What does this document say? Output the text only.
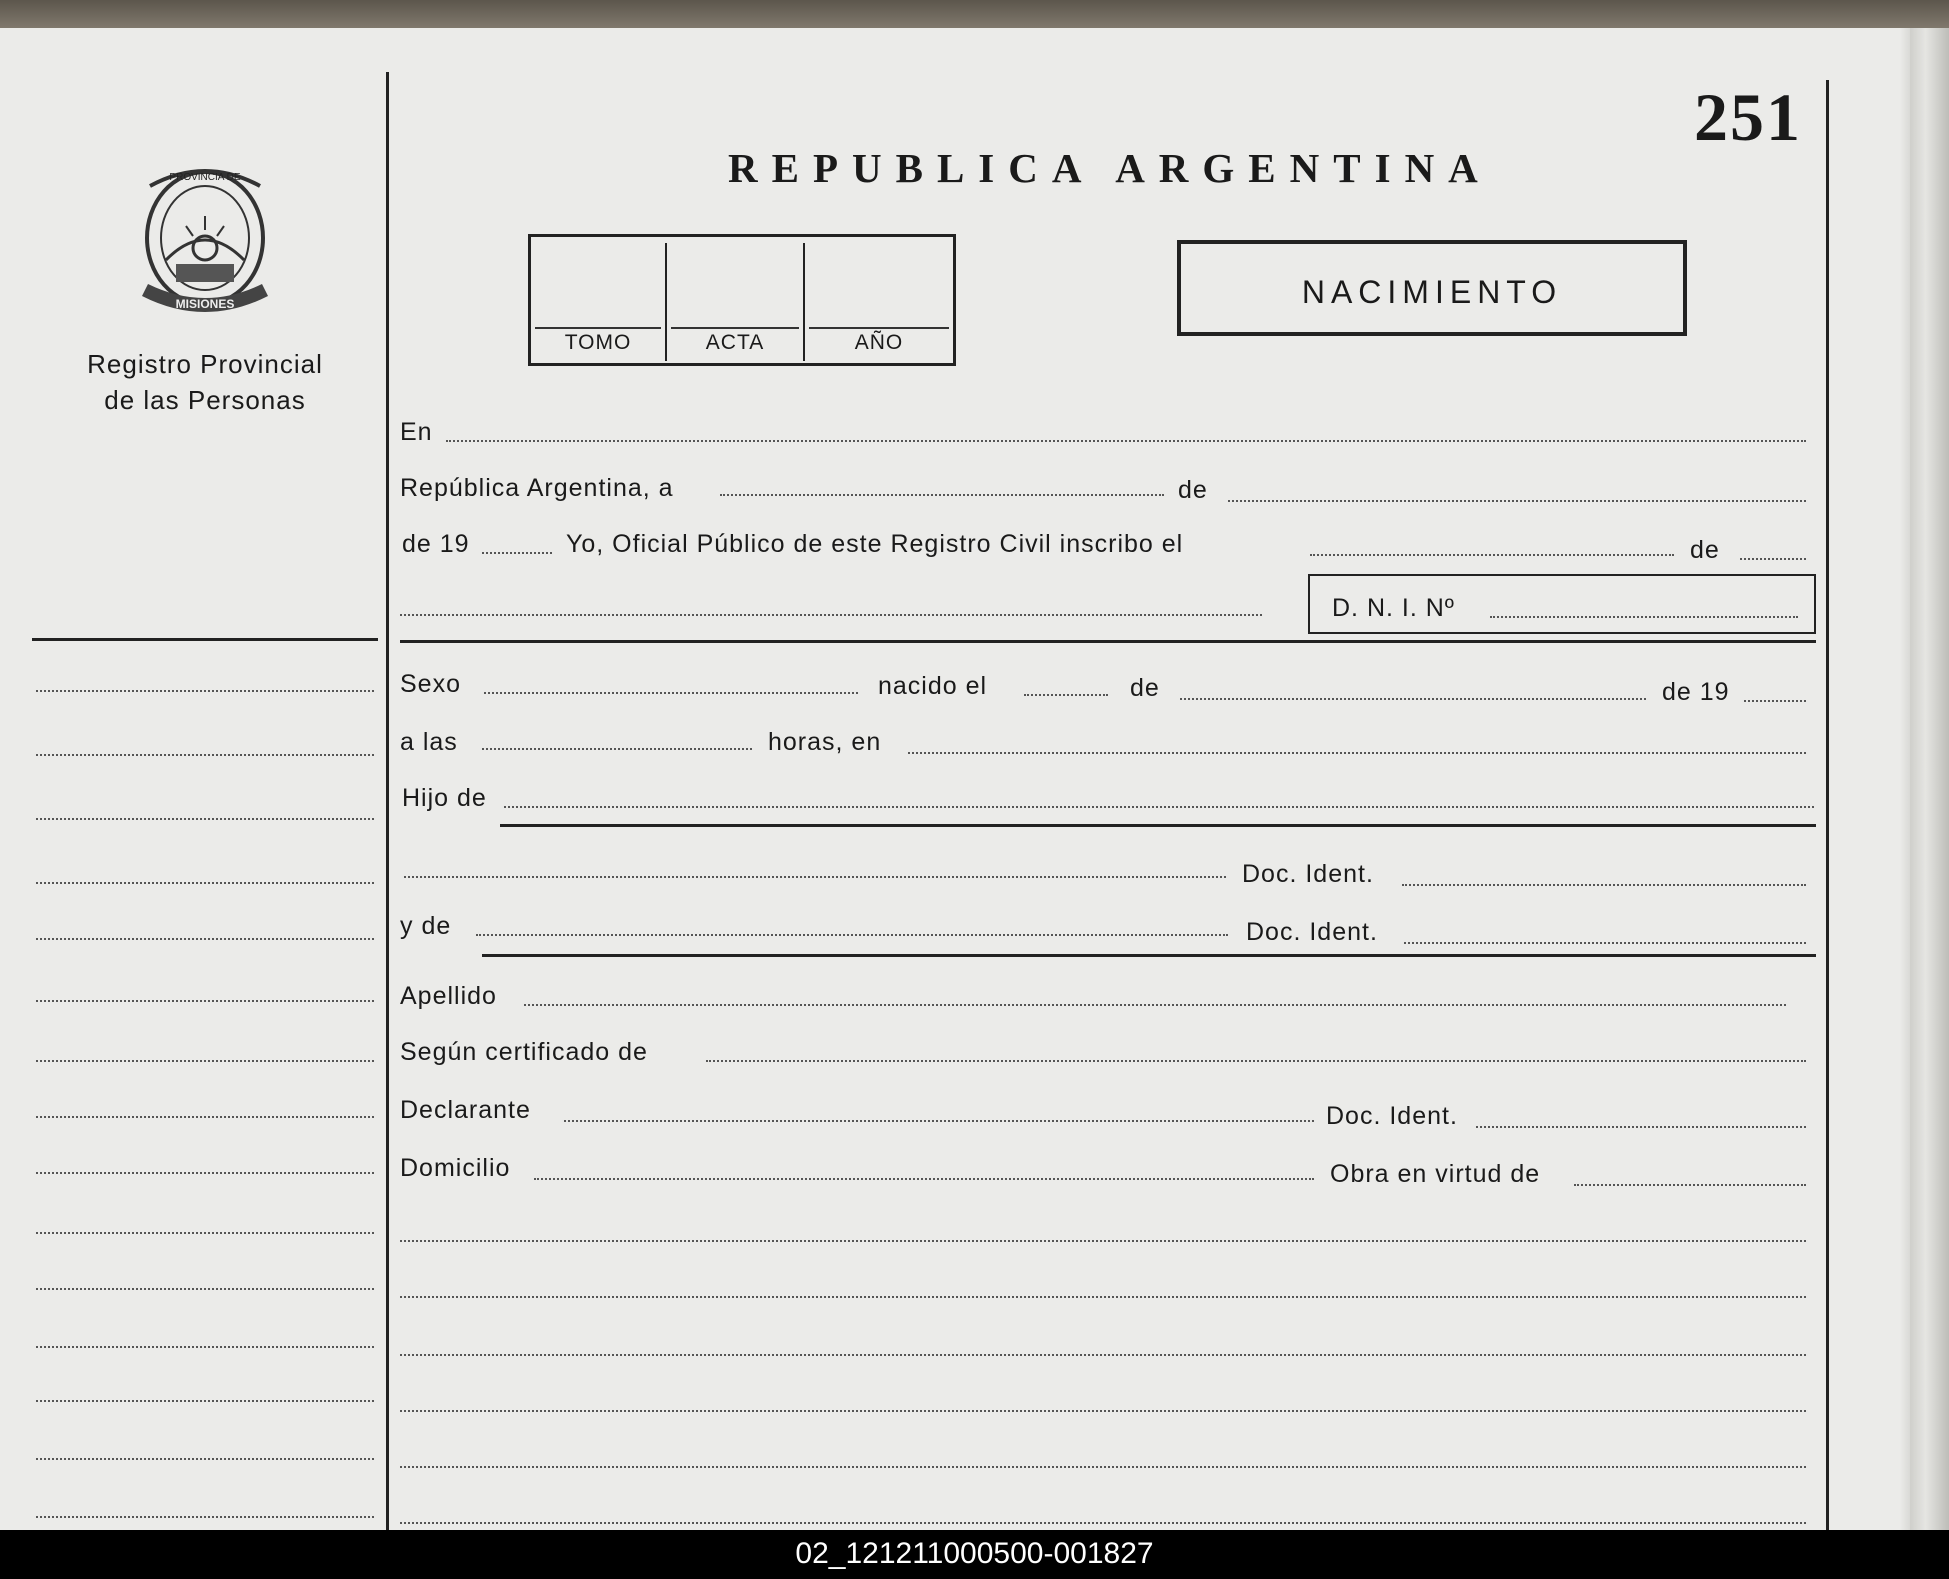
REPUBLICA ARGENTINA
251
PROVINCIA DE
MISIONES
Registro Provincial
de las Personas
TOMO	ACTA	AÑO
NACIMIENTO
En
República Argentina, a	de
de 19	Yo, Oficial Público de este Registro Civil inscribo el	de
D. N. I. Nº
Sexo	nacido el	de	de 19
a las	horas, en
Hijo de
Doc. Ident.
y de	Doc. Ident.
Apellido
Según certificado de
Declarante	Doc. Ident.
Domicilio	Obra en virtud de
02_121211000500-001827
